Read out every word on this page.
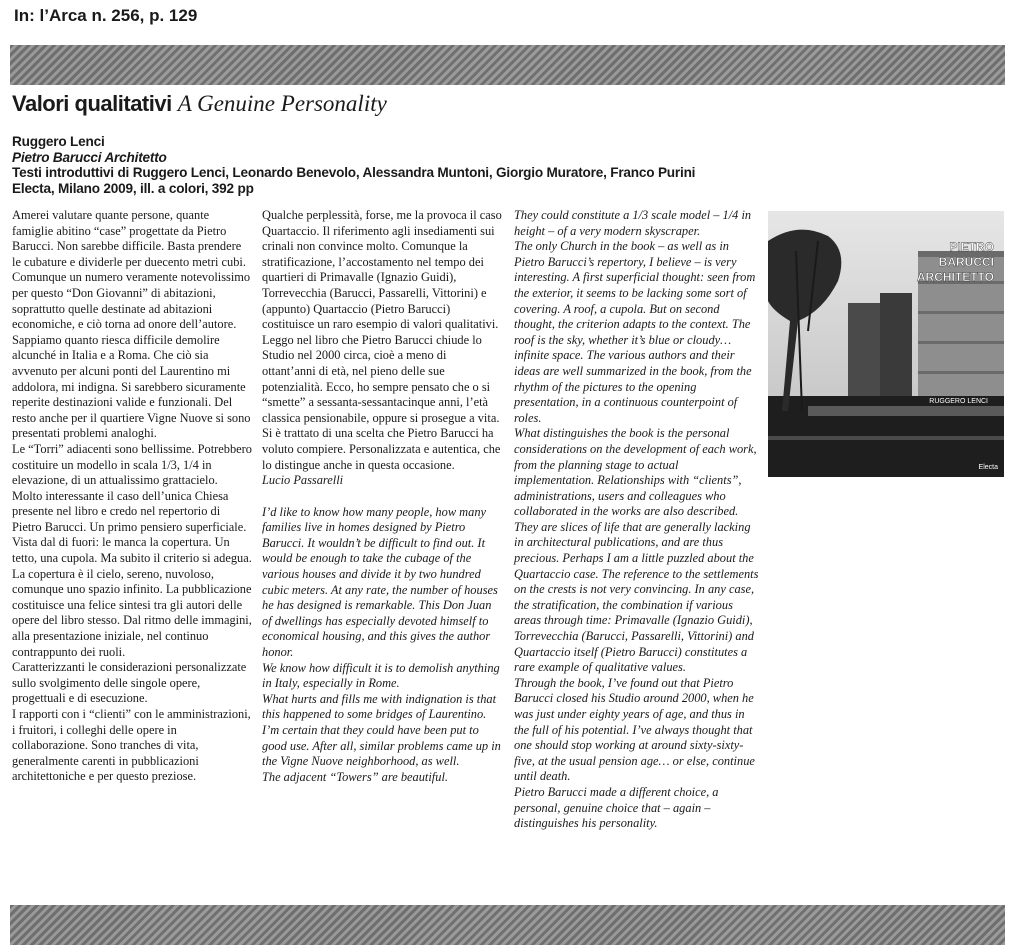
In: l’Arca n. 256, p. 129
Valori qualitativi A Genuine Personality
Ruggero Lenci
Pietro Barucci Architetto
Testi introduttivi di Ruggero Lenci, Leonardo Benevolo, Alessandra Muntoni, Giorgio Muratore, Franco Purini
Electa, Milano 2009, ill. a colori, 392 pp

Amerei valutare quante persone, quante famiglie abitino “case” progettate da Pietro Barucci. Non sarebbe difficile. Basta prendere le cubature e dividerle per duecento metri cubi. Comunque un numero veramente notevolissimo per questo “Don Giovanni” di abitazioni, soprattutto quelle destinate ad abitazioni economiche, e ciò torna ad onore dell’autore.

Sappiamo quanto riesca difficile demolire alcunché in Italia e a Roma. Che ciò sia avvenuto per alcuni ponti del Laurentino mi addolora, mi indigna. Si sarebbero sicuramente reperite destinazioni valide e funzionali. Del resto anche per il quartiere Vigne Nuove si sono presentati problemi analoghi.

Le “Torri” adiacenti sono bellissime. Potrebbero costituire un modello in scala 1/3, 1/4 in elevazione, di un attualissimo grattacielo.

Molto interessante il caso dell’unica Chiesa presente nel libro e credo nel repertorio di Pietro Barucci. Un primo pensiero superficiale. Vista dal di fuori: le manca la copertura. Un tetto, una cupola. Ma subito il criterio si adegua. La copertura è il cielo, sereno, nuvoloso, comunque uno spazio infinito. La pubblicazione costituisce una felice sintesi tra gli autori delle opere del libro stesso. Dal ritmo delle immagini, alla presentazione iniziale, nel continuo contrappunto dei ruoli.

Caratterizzanti le considerazioni personalizzate sullo svolgimento delle singole opere, progettuali e di esecuzione.

I rapporti con i “clienti” con le amministrazioni, i fruitori, i colleghi delle opere in collaborazione. Sono tranches di vita, generalmente carenti in pubblicazioni architettoniche e per questo preziose.

Qualche perplessità, forse, me la provoca il caso Quartaccio. Il riferimento agli insediamenti sui crinali non convince molto. Comunque la stratificazione, l’accostamento nel tempo dei quartieri di Primavalle (Ignazio Guidi), Torrevecchia (Barucci, Passarelli, Vittorini) e (appunto) Quartaccio (Pietro Barucci) costituisce un raro esempio di valori qualitativi.

Leggo nel libro che Pietro Barucci chiude lo Studio nel 2000 circa, cioè a meno di ottant’anni di età, nel pieno delle sue potenzialità. Ecco, ho sempre pensato che o si “smette” a sessanta-sessantacinque anni, l’età classica pensionabile, oppure si prosegue a vita. Si è trattato di una scelta che Pietro Barucci ha voluto compiere. Personalizzata e autentica, che lo distingue anche in questa occasione.

Lucio Passarelli

I’d like to know how many people, how many families live in homes designed by Pietro Barucci. It wouldn’t be difficult to find out. It would be enough to take the cubage of the various houses and divide it by two hundred cubic meters. At any rate, the number of houses he has designed is remarkable. This Don Juan of dwellings has especially devoted himself to economical housing, and this gives the author honor.

We know how difficult it is to demolish anything in Italy, especially in Rome.

What hurts and fills me with indignation is that this happened to some bridges of Laurentino. I’m certain that they could have been put to good use. After all, similar problems came up in the Vigne Nuove neighborhood, as well.

The adjacent “Towers” are beautiful.

They could constitute a 1/3 scale model – 1/4 in height – of a very modern skyscraper.

The only Church in the book – as well as in Pietro Barucci’s repertory, I believe – is very interesting. A first superficial thought: seen from the exterior, it seems to be lacking some sort of covering. A roof, a cupola. But on second thought, the criterion adapts to the context. The roof is the sky, whether it’s blue or cloudy… infinite space. The various authors and their ideas are well summarized in the book, from the rhythm of the pictures to the opening presentation, in a continuous counterpoint of roles.

What distinguishes the book is the personal considerations on the development of each work, from the planning stage to actual implementation. Relationships with “clients”, administrations, users and colleagues who collaborated in the works are also described.

They are slices of life that are generally lacking in architectural publications, and are thus precious. Perhaps I am a little puzzled about the Quartaccio case. The reference to the settlements on the crests is not very convincing. In any case, the stratification, the combination if various areas through time: Primavalle (Ignazio Guidi), Torrevecchia (Barucci, Passarelli, Vittorini) and Quartaccio itself (Pietro Barucci) constitutes a rare example of qualitative values.

Through the book, I’ve found out that Pietro Barucci closed his Studio around 2000, when he was just under eighty years of age, and thus in the full of his potential. I’ve always thought that one should stop working at around sixty-sixty-five, at the usual pension age… or else, continue until death.

Pietro Barucci made a different choice, a personal, genuine choice that – again – distinguishes his personality.

PIETRO
BARUCCI
ARCHITETTO
RUGGERO LENCI
Electa
